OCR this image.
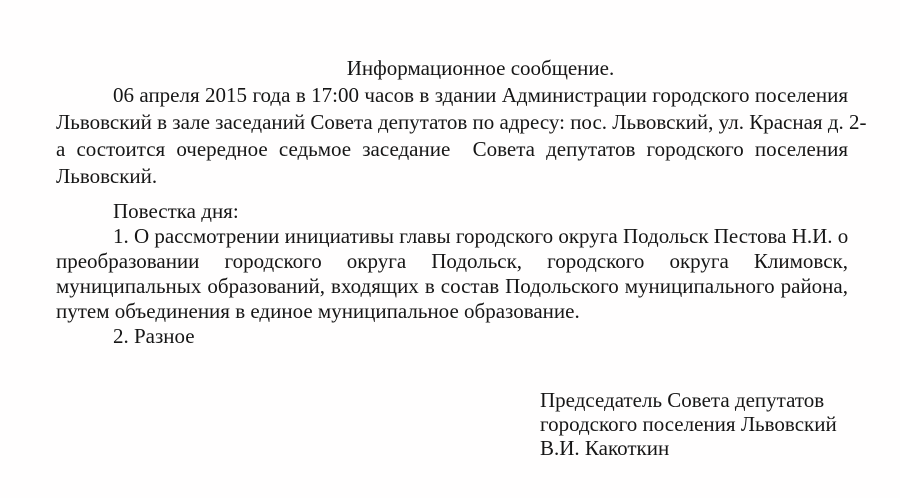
Информационное сообщение.
06 апреля 2015 года в 17:00 часов в здании Администрации городского поселения
Львовский в зале заседаний Совета депутатов по адресу: пос. Львовский, ул. Красная д. 2-
а состоится очередное седьмое заседание  Совета депутатов городского поселения
Львовский.
Повестка дня:
1. О рассмотрении инициативы главы городского округа Подольск Пестова Н.И. о
преобразовании городского округа Подольск, городского округа Климовск,
муниципальных образований, входящих в состав Подольского муниципального района,
путем объединения в единое муниципальное образование.
2. Разное
Председатель Совета депутатов
городского поселения Львовский
В.И. Какоткин
